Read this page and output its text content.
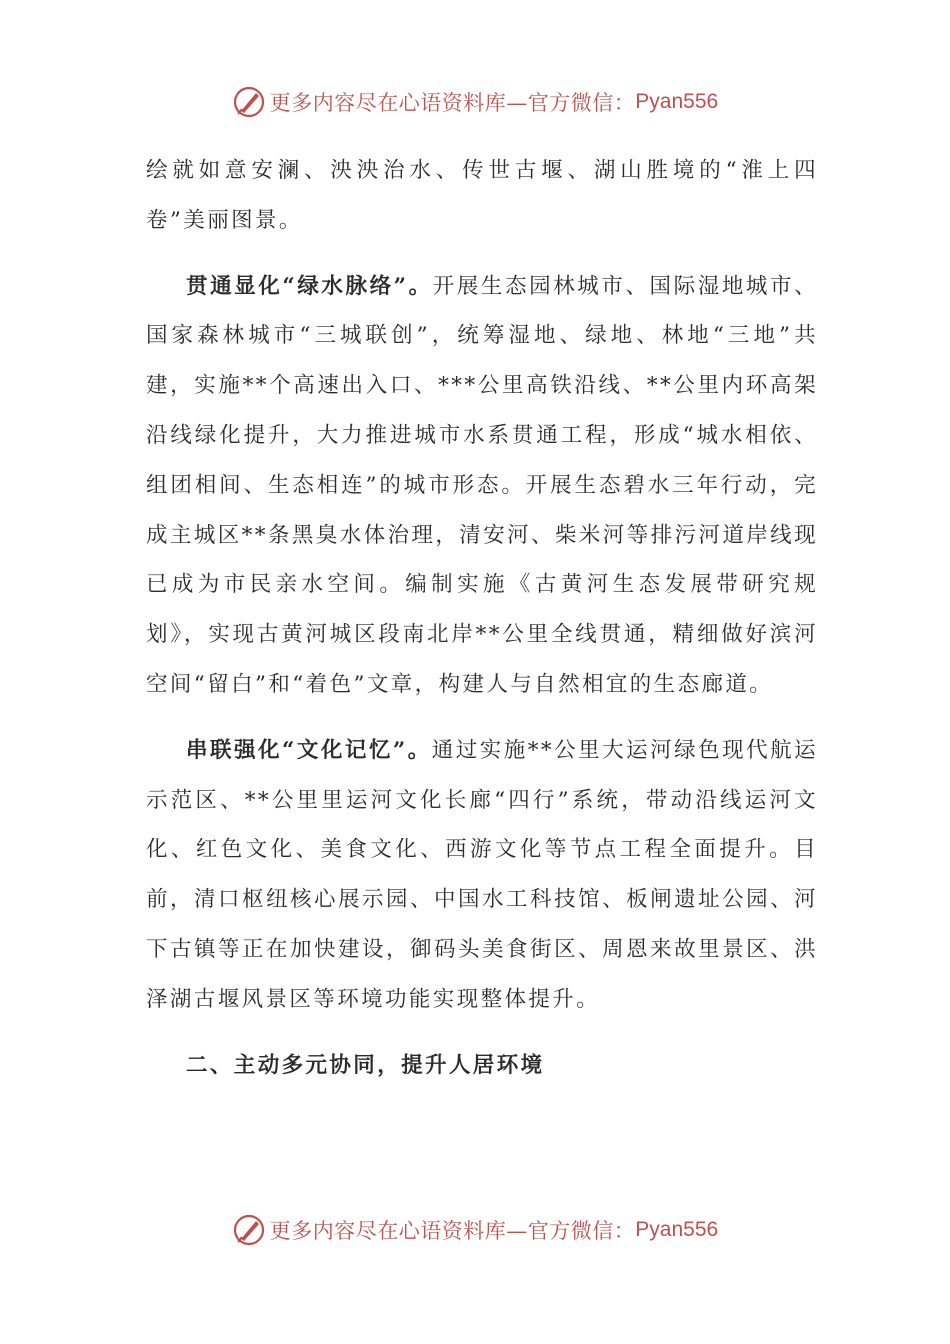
更多内容尽在心语资料库—官方微信： Pyan556

绘就如意安澜、泱泱治水、传世古堰、湖山胜境的“淮上四卷”美丽图景。

贯通显化“绿水脉络”。开展生态园林城市、国际湿地城市、国家森林城市“三城联创”，统筹湿地、绿地、林地“三地”共建，实施**个高速出入口、***公里高铁沿线、**公里内环高架沿线绿化提升，大力推进城市水系贯通工程，形成“城水相依、组团相间、生态相连”的城市形态。开展生态碧水三年行动，完成主城区**条黑臭水体治理，清安河、柴米河等排污河道岸线现已成为市民亲水空间。编制实施《古黄河生态发展带研究规划》，实现古黄河城区段南北岸**公里全线贯通，精细做好滨河空间“留白”和“着色”文章，构建人与自然相宜的生态廊道。

串联强化“文化记忆”。通过实施**公里大运河绿色现代航运示范区、**公里里运河文化长廊“四行”系统，带动沿线运河文化、红色文化、美食文化、西游文化等节点工程全面提升。目前，清口枢纽核心展示园、中国水工科技馆、板闸遗址公园、河下古镇等正在加快建设，御码头美食街区、周恩来故里景区、洪泽湖古堰风景区等环境功能实现整体提升。

二、主动多元协同，提升人居环境
更多内容尽在心语资料库—官方微信： Pyan556
